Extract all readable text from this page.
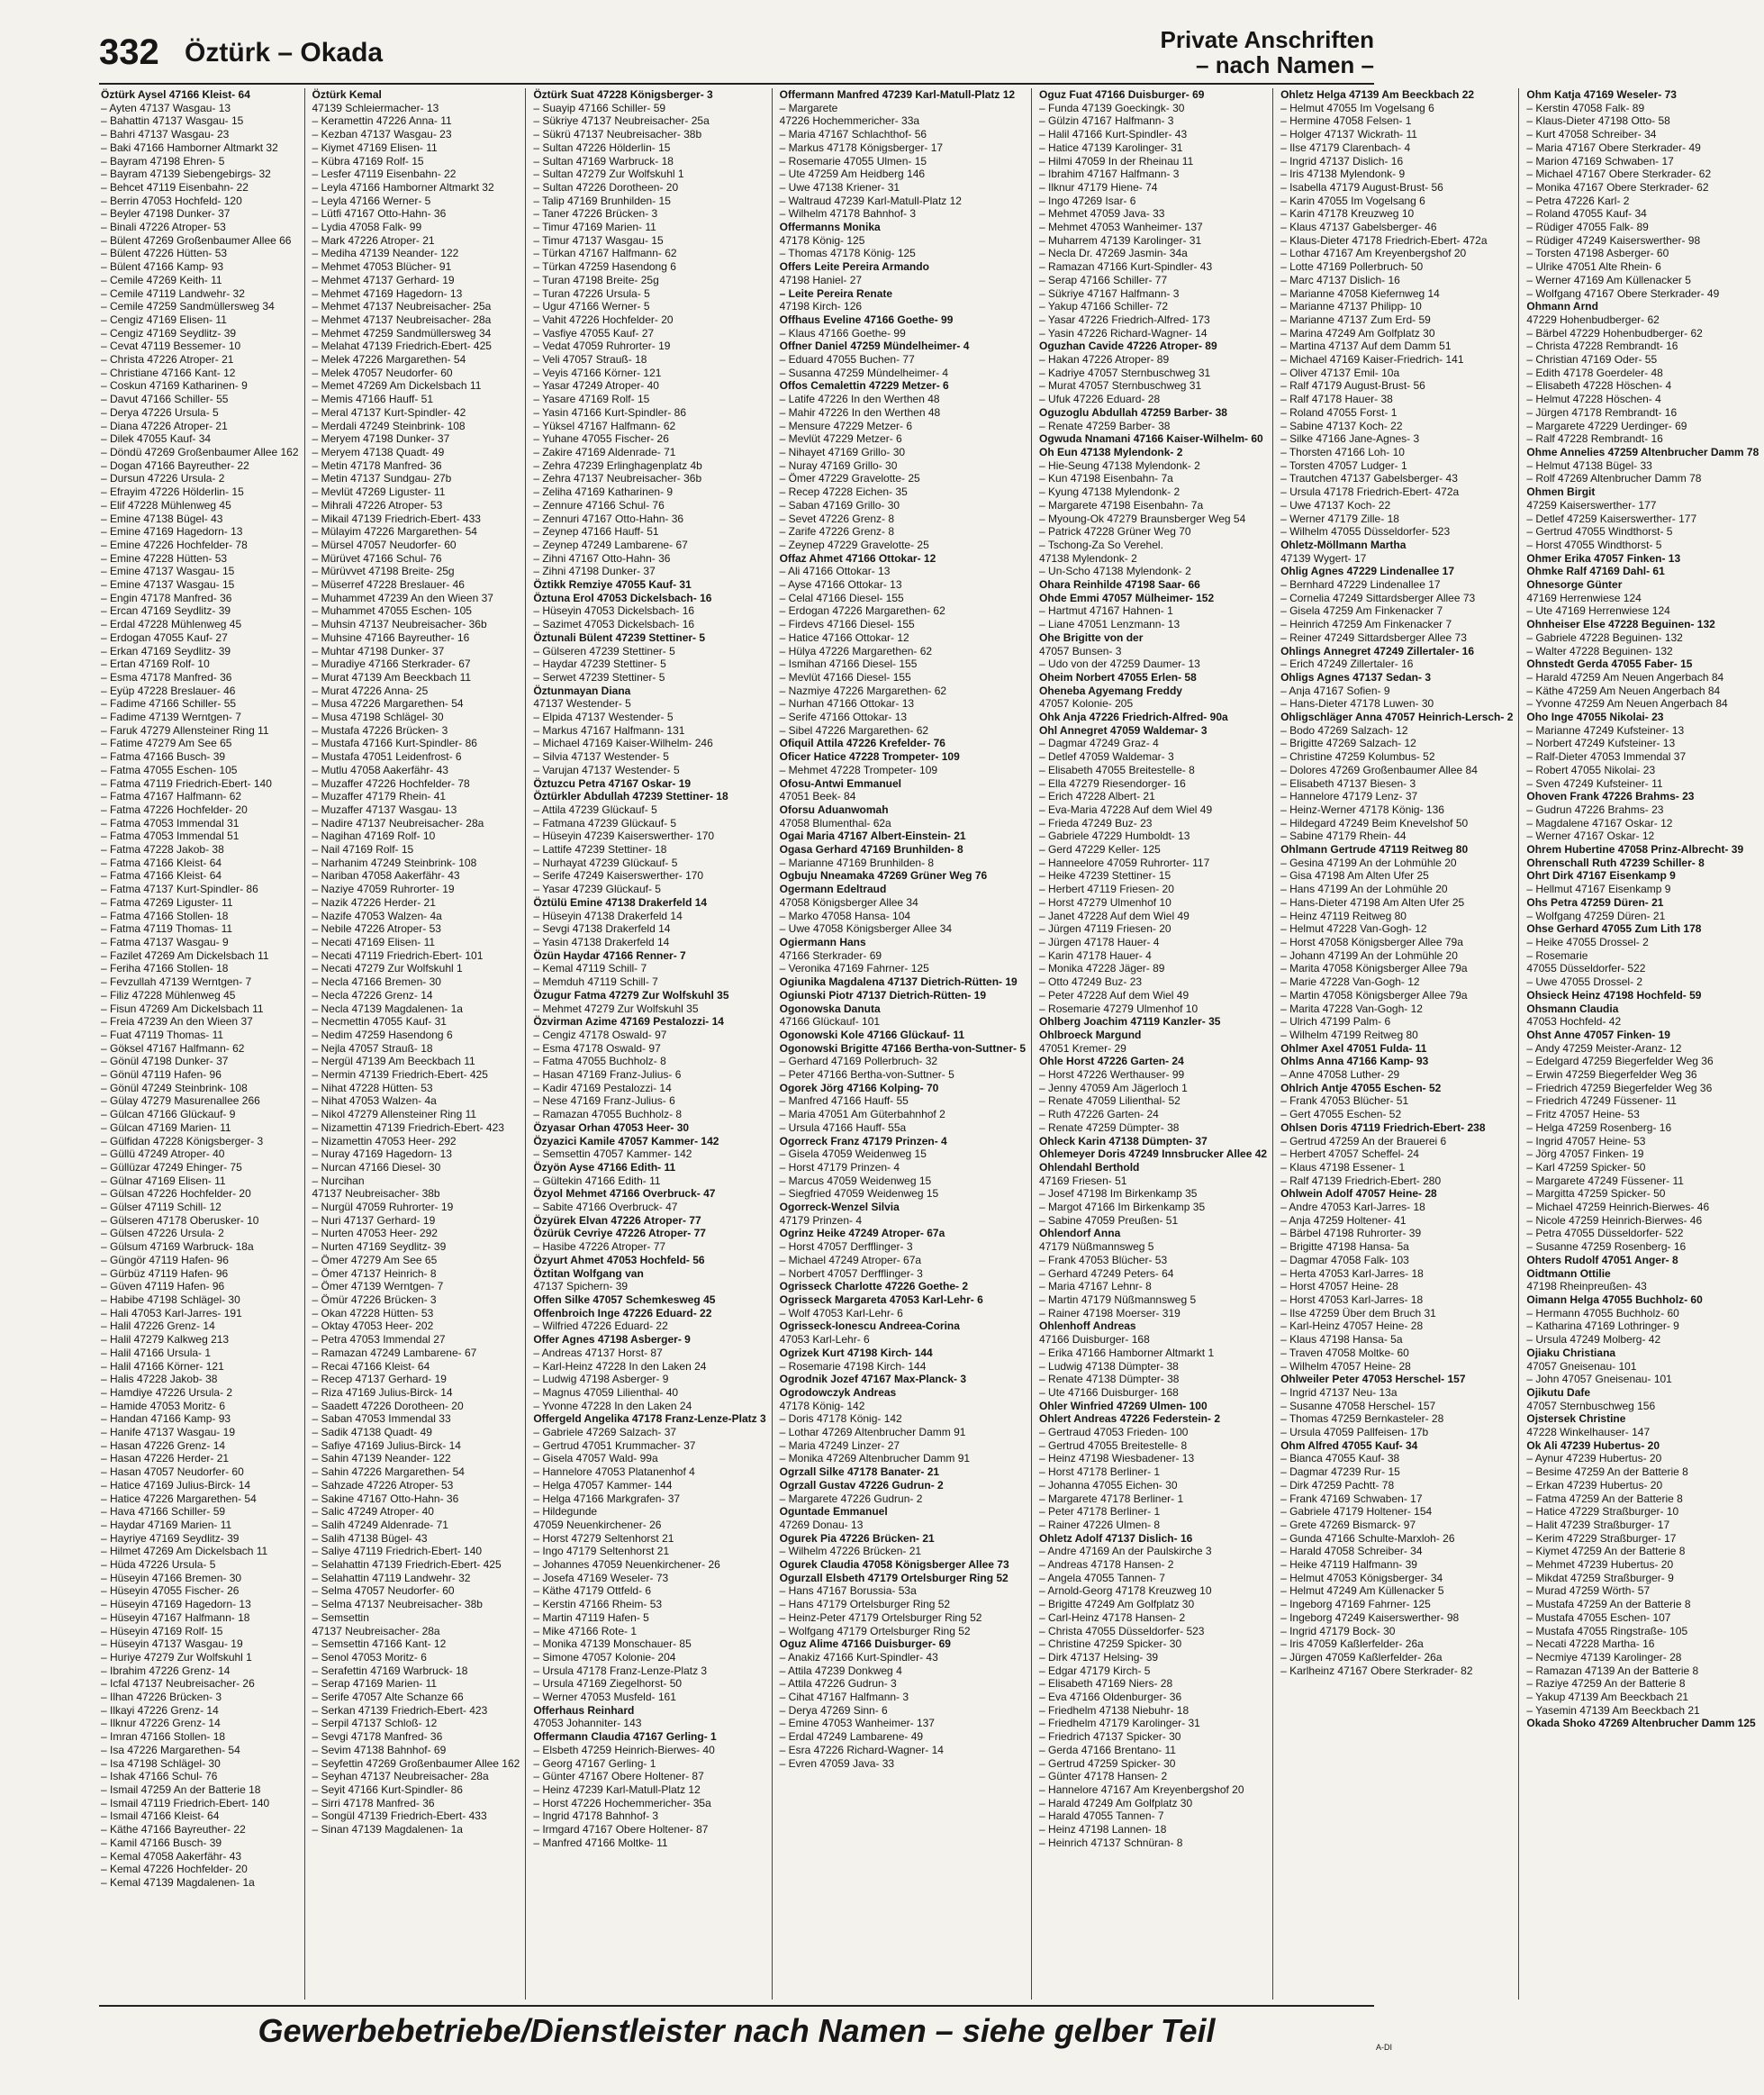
332 Öztürk – Okada	Private Anschriften
– nach Namen –
Öztürk Aysel 47166 Kleist- 64
– Ayten 47137 Wasgau- 13
– Bahattin 47137 Wasgau- 15
– Bahri 47137 Wasgau- 23
– Baki 47166 Hamborner Altmarkt 32
– Bayram 47198 Ehren- 5
– Bayram 47139 Siebengebirgs- 32
– Behcet 47119 Eisenbahn- 22
– Berrin 47053 Hochfeld- 120
– Beyler 47198 Dunker- 37
– Binali 47226 Atroper- 53
– Bülent 47269 Großenbaumer Allee 66
– Bülent 47226 Hütten- 53
– Bülent 47166 Kamp- 93
– Cemile 47269 Keith- 11
– Cemile 47119 Landwehr- 32
– Cemile 47259 Sandmüllersweg 34
– Cengiz 47169 Elisen- 11
– Cengiz 47169 Seydlitz- 39
– Cevat 47119 Bessemer- 10
– Christa 47226 Atroper- 21
– Christiane 47166 Kant- 12
– Coskun 47169 Katharinen- 9
– Davut 47166 Schiller- 55
– Derya 47226 Ursula- 5
– Diana 47226 Atroper- 21
– Dilek 47055 Kauf- 34
– Döndü 47269 Großenbaumer Allee 162
– Dogan 47166 Bayreuther- 22
– Dursun 47226 Ursula- 2
– Efrayim 47226 Hölderlin- 15
– Elif 47228 Mühlenweg 45
– Emine 47138 Bügel- 43
– Emine 47169 Hagedorn- 13
– Emine 47226 Hochfelder- 78
– Emine 47228 Hütten- 53
– Emine 47137 Wasgau- 15
– Emine 47137 Wasgau- 15
– Engin 47178 Manfred- 36
– Ercan 47169 Seydlitz- 39
– Erdal 47228 Mühlenweg 45
– Erdogan 47055 Kauf- 27
– Erkan 47169 Seydlitz- 39
– Ertan 47169 Rolf- 10
– Esma 47178 Manfred- 36
– Eyüp 47228 Breslauer- 46
– Fadime 47166 Schiller- 55
– Fadime 47139 Werntgen- 7
– Faruk 47279 Allensteiner Ring 11
– Fatime 47279 Am See 65
– Fatma 47166 Busch- 39
– Fatma 47055 Eschen- 105
– Fatma 47119 Friedrich-Ebert- 140
– Fatma 47167 Halfmann- 62
– Fatma 47226 Hochfelder- 20
– Fatma 47053 Immendal 31
– Fatma 47053 Immendal 51
– Fatma 47228 Jakob- 38
– Fatma 47166 Kleist- 64
– Fatma 47166 Kleist- 64
– Fatma 47137 Kurt-Spindler- 86
– Fatma 47269 Liguster- 11
– Fatma 47166 Stollen- 18
– Fatma 47119 Thomas- 11
– Fatma 47137 Wasgau- 9
– Fazilet 47269 Am Dickelsbach 11
– Feriha 47166 Stollen- 18
– Fevzullah 47139 Werntgen- 7
– Filiz 47228 Mühlenweg 45
– Fisun 47269 Am Dickelsbach 11
– Freia 47239 An den Wieen 37
– Fuat 47119 Thomas- 11
– Göksel 47167 Halfmann- 62
– Gönül 47198 Dunker- 37
– Gönül 47119 Hafen- 96
– Gönül 47249 Steinbrink- 108
– Gülay 47279 Masurenallee 266
– Gülcan 47166 Glückauf- 9
– Gülcan 47169 Marien- 11
– Gülfidan 47228 Königsberger- 3
– Güllü 47249 Atroper- 40
– Güllüzar 47249 Ehinger- 75
– Gülnar 47169 Elisen- 11
– Gülsan 47226 Hochfelder- 20
– Gülser 47119 Schill- 12
– Gülseren 47178 Oberusker- 10
– Gülsen 47226 Ursula- 2
– Gülsum 47169 Warbruck- 18a
– Güngör 47119 Hafen- 96
– Gürbüz 47119 Hafen- 96
– Güven 47119 Hafen- 96
– Habibe 47198 Schlägel- 30
– Hali 47053 Karl-Jarres- 191
– Halil 47226 Grenz- 14
– Halil 47279 Kalkweg 213
– Halil 47166 Ursula- 1
– Halil 47166 Körner- 121
– Halis 47228 Jakob- 38
– Hamdiye 47226 Ursula- 2
– Hamide 47053 Moritz- 6
– Handan 47166 Kamp- 93
– Hanife 47137 Wasgau- 19
– Hasan 47226 Grenz- 14
– Hasan 47226 Herder- 21
– Hasan 47057 Neudorfer- 60
– Hatice 47169 Julius-Birck- 14
– Hatice 47226 Margarethen- 54
– Hava 47166 Schiller- 59
– Haydar 47169 Marien- 11
– Hayriye 47169 Seydlitz- 39
– Hilmet 47269 Am Dickelsbach 11
– Hüda 47226 Ursula- 5
– Hüseyin 47166 Bremen- 30
– Hüseyin 47055 Fischer- 26
– Hüseyin 47169 Hagedorn- 13
– Hüseyin 47167 Halfmann- 18
– Hüseyin 47169 Rolf- 15
– Hüseyin 47137 Wasgau- 19
– Huriye 47279 Zur Wolfskuhl 1
– Ibrahim 47226 Grenz- 14
– Icfal 47137 Neubreisacher- 26
– Ilhan 47226 Brücken- 3
– Ilkayi 47226 Grenz- 14
– Ilknur 47226 Grenz- 14
– Imran 47166 Stollen- 18
– Isa 47226 Margarethen- 54
– Isa 47198 Schlägel- 30
– Ishak 47166 Schul- 76
– Ismail 47259 An der Batterie 18
– Ismail 47119 Friedrich-Ebert- 140
– Ismail 47166 Kleist- 64
– Käthe 47166 Bayreuther- 22
– Kamil 47166 Busch- 39
– Kemal 47058 Aakerfähr- 43
– Kemal 47226 Hochfelder- 20
– Kemal 47139 Magdalenen- 1a
Öztürk Kemal
47139 Schleiermacher- 13
– Keramettin 47226 Anna- 11
– Kezban 47137 Wasgau- 23
– Kiymet 47169 Elisen- 11
– Kübra 47169 Rolf- 15
– Lesfer 47119 Eisenbahn- 22
– Leyla 47166 Hamborner Altmarkt 32
– Leyla 47166 Werner- 5
– Lütfi 47167 Otto-Hahn- 36
– Lydia 47058 Falk- 99
– Mark 47226 Atroper- 21
– Mediha 47139 Neander- 122
– Mehmet 47053 Blücher- 91
– Mehmet 47137 Gerhard- 19
– Mehmet 47169 Hagedorn- 13
– Mehmet 47137 Neubreisacher- 25a
– Mehmet 47137 Neubreisacher- 28a
– Mehmet 47259 Sandmüllersweg 34
– Melahat 47139 Friedrich-Ebert- 425
– Melek 47226 Margarethen- 54
– Melek 47057 Neudorfer- 60
– Memet 47269 Am Dickelsbach 11
– Memis 47166 Hauff- 51
– Meral 47137 Kurt-Spindler- 42
– Merdali 47249 Steinbrink- 108
– Meryem 47198 Dunker- 37
– Meryem 47138 Quadt- 49
– Metin 47178 Manfred- 36
– Metin 47137 Sundgau- 27b
– Mevlüt 47269 Liguster- 11
– Mihrali 47226 Atroper- 53
– Mikail 47139 Friedrich-Ebert- 433
– Mülayim 47226 Margarethen- 54
– Mürsel 47057 Neudorfer- 60
– Mürüvet 47166 Schul- 76
– Mürüvvet 47198 Breite- 25g
– Müserref 47228 Breslauer- 46
– Muhammet 47239 An den Wieen 37
– Muhammet 47055 Eschen- 105
– Muhsin 47137 Neubreisacher- 36b
– Muhsine 47166 Bayreuther- 16
– Muhtar 47198 Dunker- 37
– Muradiye 47166 Sterkrader- 67
– Murat 47139 Am Beeckbach 11
– Murat 47226 Anna- 25
– Musa 47226 Margarethen- 54
– Musa 47198 Schlägel- 30
– Mustafa 47226 Brücken- 3
– Mustafa 47166 Kurt-Spindler- 86
– Mustafa 47051 Leidenfrost- 6
– Mutlu 47058 Aakerfähr- 43
– Muzaffer 47226 Hochfelder- 78
– Muzaffer 47179 Rhein- 41
– Muzaffer 47137 Wasgau- 13
– Nadire 47137 Neubreisacher- 28a
– Nagihan 47169 Rolf- 10
– Nail 47169 Rolf- 15
– Narhanim 47249 Steinbrink- 108
– Nariban 47058 Aakerfähr- 43
– Naziye 47059 Ruhrorter- 19
– Nazik 47226 Herder- 21
– Nazife 47053 Walzen- 4a
– Nebile 47226 Atroper- 53
– Necati 47169 Elisen- 11
– Necati 47119 Friedrich-Ebert- 101
– Necati 47279 Zur Wolfskuhl 1
– Necla 47166 Bremen- 30
– Necla 47226 Grenz- 14
– Necla 47139 Magdalenen- 1a
– Necmettin 47055 Kauf- 31
– Nedim 47259 Hasendong 6
– Nejla 47057 Strauß- 18
– Nergül 47139 Am Beeckbach 11
– Nermin 47139 Friedrich-Ebert- 425
– Nihat 47228 Hütten- 53
– Nihat 47053 Walzen- 4a
– Nikol 47279 Allensteiner Ring 11
– Nizamettin 47139 Friedrich-Ebert- 423
– Nizamettin 47053 Heer- 292
– Nuray 47169 Hagedorn- 13
– Nurcan 47166 Diesel- 30
– Nurcihan
47137 Neubreisacher- 38b
– Nurgül 47059 Ruhrorter- 19
– Nuri 47137 Gerhard- 19
– Nurten 47053 Heer- 292
– Nurten 47169 Seydlitz- 39
– Ömer 47279 Am See 65
– Ömer 47137 Heinrich- 8
– Ömer 47139 Werntgen- 7
– Ömür 47226 Brücken- 3
– Okan 47228 Hütten- 53
– Oktay 47053 Heer- 202
– Petra 47053 Immendal 27
– Ramazan 47249 Lambarene- 67
– Recai 47166 Kleist- 64
– Recep 47137 Gerhard- 19
– Riza 47169 Julius-Birck- 14
– Saadett 47226 Dorotheen- 20
– Saban 47053 Immendal 33
– Sadik 47138 Quadt- 49
– Safiye 47169 Julius-Birck- 14
– Sahin 47139 Neander- 122
– Sahin 47226 Margarethen- 54
– Sahzade 47226 Atroper- 53
– Sakine 47167 Otto-Hahn- 36
– Salic 47249 Atroper- 40
– Salih 47249 Aldenrade- 71
– Salih 47138 Bügel- 43
– Saliye 47119 Friedrich-Ebert- 140
– Selahattin 47139 Friedrich-Ebert- 425
– Selahattin 47119 Landwehr- 32
– Selma 47057 Neudorfer- 60
– Selma 47137 Neubreisacher- 38b
– Semsettin
47137 Neubreisacher- 28a
– Semsettin 47166 Kant- 12
– Senol 47053 Moritz- 6
– Serafettin 47169 Warbruck- 18
– Serap 47169 Marien- 11
– Serife 47057 Alte Schanze 66
– Serkan 47139 Friedrich-Ebert- 423
– Serpil 47137 Schloß- 12
– Sevgi 47178 Manfred- 36
– Sevim 47138 Bahnhof- 69
– Seyfettin 47269 Großenbaumer Allee 162
– Seyhan 47137 Neubreisacher- 28a
– Seyit 47166 Kurt-Spindler- 86
– Sirri 47178 Manfred- 36
– Songül 47139 Friedrich-Ebert- 433
– Sinan 47139 Magdalenen- 1a
Öztürk Suat 47228 Königsberger- 3
– Suayip 47166 Schiller- 59
– Sükriye 47137 Neubreisacher- 25a
– Sükrü 47137 Neubreisacher- 38b
– Sultan 47226 Hölderlin- 15
– Sultan 47169 Warbruck- 18
– Sultan 47279 Zur Wolfskuhl 1
– Sultan 47226 Dorotheen- 20
– Talip 47169 Brunhilden- 15
– Taner 47226 Brücken- 3
– Timur 47169 Marien- 11
– Timur 47137 Wasgau- 15
– Türkan 47167 Halfmann- 62
– Türkan 47259 Hasendong 6
– Turan 47198 Breite- 25g
– Turan 47226 Ursula- 5
– Ugur 47166 Werner- 5
– Vahit 47226 Hochfelder- 20
– Vasfiye 47055 Kauf- 27
– Vedat 47059 Ruhrorter- 19
– Veli 47057 Strauß- 18
– Veyis 47166 Körner- 121
– Yasar 47249 Atroper- 40
– Yasare 47169 Rolf- 15
– Yasin 47166 Kurt-Spindler- 86
– Yüksel 47167 Halfmann- 62
– Yuhane 47055 Fischer- 26
– Zakire 47169 Aldenrade- 71
– Zehra 47239 Erlinghagenplatz 4b
– Zehra 47137 Neubreisacher- 36b
– Zeliha 47169 Katharinen- 9
– Zennure 47166 Schul- 76
– Zennuri 47167 Otto-Hahn- 36
– Zeynep 47166 Hauff- 51
– Zeynep 47249 Lambarene- 67
– Zihni 47167 Otto-Hahn- 36
– Zihni 47198 Dunker- 37
Öztikk Remziye 47055 Kauf- 31
Öztuna Erol 47053 Dickelsbach- 16
– Hüseyin 47053 Dickelsbach- 16
– Sazimet 47053 Dickelsbach- 16
Öztunali Bülent 47239 Stettiner- 5
– Gülseren 47239 Stettiner- 5
– Haydar 47239 Stettiner- 5
– Serwet 47239 Stettiner- 5
Öztunmayan Diana
47137 Westender- 5
– Elpida 47137 Westender- 5
– Markus 47167 Halfmann- 131
– Michael 47169 Kaiser-Wilhelm- 246
– Silvia 47137 Westender- 5
– Varujan 47137 Westender- 5
Öztuzcu Petra 47167 Oskar- 19
Öztürkler Abdullah 47239 Stettiner- 18
– Attila 47239 Glückauf- 5
– Fatmana 47239 Glückauf- 5
– Hüseyin 47239 Kaiserswerther- 170
– Lattife 47239 Stettiner- 18
– Nurhayat 47239 Glückauf- 5
– Serife 47249 Kaiserswerther- 170
– Yasar 47239 Glückauf- 5
Öztülü Emine 47138 Drakerfeld 14
– Hüseyin 47138 Drakerfeld 14
– Sevgi 47138 Drakerfeld 14
– Yasin 47138 Drakerfeld 14
Özün Haydar 47166 Renner- 7
– Kemal 47119 Schill- 7
– Memduh 47119 Schill- 7
Özugur Fatma 47279 Zur Wolfskuhl 35
– Mehmet 47279 Zur Wolfskuhl 35
Özvirman Azime 47169 Pestalozzi- 14
– Cengiz 47178 Oswald- 97
– Esma 47178 Oswald- 97
– Fatma 47055 Buchholz- 8
– Hasan 47169 Franz-Julius- 6
– Kadir 47169 Pestalozzi- 14
– Nese 47169 Franz-Julius- 6
– Ramazan 47055 Buchholz- 8
Özyasar Orhan 47053 Heer- 30
Özyazici Kamile 47057 Kammer- 142
– Semsettin 47057 Kammer- 142
Özyön Ayse 47166 Edith- 11
– Gültekin 47166 Edith- 11
Özyol Mehmet 47166 Overbruck- 47
– Sabite 47166 Overbruck- 47
Özyürek Elvan 47226 Atroper- 77
Özürük Cevriye 47226 Atroper- 77
– Hasibe 47226 Atroper- 77
Özyurt Ahmet 47053 Hochfeld- 56
Öztitan Wolfgang van
47137 Spichern- 39
Offen Silke 47057 Schemkesweg 45
Offenbroich Inge 47226 Eduard- 22
– Wilfried 47226 Eduard- 22
Offer Agnes 47198 Asberger- 9
– Andreas 47137 Horst- 87
– Karl-Heinz 47228 In den Laken 24
– Ludwig 47198 Asberger- 9
– Magnus 47059 Lilienthal- 40
– Yvonne 47228 In den Laken 24
Offergeld Angelika 47178 Franz-Lenze-Platz 3
– Gabriele 47269 Salzach- 37
– Gertrud 47051 Krummacher- 37
– Gisela 47057 Wald- 99a
– Hannelore 47053 Platanenhof 4
– Helga 47057 Kammer- 144
– Helga 47166 Markgrafen- 37
– Hildegunde
47059 Neuenkirchener- 26
– Horst 47279 Seltenhorst 21
– Ingo 47179 Seltenhorst 21
– Johannes 47059 Neuenkirchener- 26
– Josefa 47169 Weseler- 73
– Käthe 47179 Ottfeld- 6
– Kerstin 47166 Rheim- 53
– Martin 47119 Hafen- 5
– Mike 47166 Rote- 1
– Monika 47139 Monschauer- 85
– Simone 47057 Kolonie- 204
– Ursula 47178 Franz-Lenze-Platz 3
– Ursula 47169 Ziegelhorst- 50
– Werner 47053 Musfeld- 161
Offerhaus Reinhard
47053 Johanniter- 143
Offermann Claudia 47167 Gerling- 1
– Elsbeth 47259 Heinrich-Bierwes- 40
– Georg 47167 Gerling- 1
– Günter 47167 Obere Holtener- 87
– Heinz 47239 Karl-Matull-Platz 12
– Horst 47226 Hochemmericher- 35a
– Ingrid 47178 Bahnhof- 3
– Irmgard 47167 Obere Holtener- 87
– Manfred 47166 Moltke- 11
Offermann Manfred 47239 Karl-Matull-Platz 12
– Margarete
47226 Hochemmericher- 33a
– Maria 47167 Schlachthof- 56
– Markus 47178 Königsberger- 17
– Rosemarie 47055 Ulmen- 15
– Ute 47259 Am Heidberg 146
– Uwe 47138 Kriener- 31
– Waltraud 47239 Karl-Matull-Platz 12
– Wilhelm 47178 Bahnhof- 3
Offermanns Monika
47178 König- 125
– Thomas 47178 König- 125
Offers Leite Pereira Armando
47198 Haniel- 27
– Leite Pereira Renate
47198 Kirch- 126
Offhaus Eveline 47166 Goethe- 99
– Klaus 47166 Goethe- 99
Offner Daniel 47259 Mündelheimer- 4
– Eduard 47055 Buchen- 77
– Susanna 47259 Mündelheimer- 4
Offos Cemalettin 47229 Metzer- 6
– Latife 47226 In den Werthen 48
– Mahir 47226 In den Werthen 48
– Mensure 47229 Metzer- 6
– Mevlüt 47229 Metzer- 6
– Nihayet 47169 Grillo- 30
– Nuray 47169 Grillo- 30
– Ömer 47229 Gravelotte- 25
– Recep 47228 Eichen- 35
– Saban 47169 Grillo- 30
– Sevet 47226 Grenz- 8
– Zarife 47226 Grenz- 8
– Zeynep 47229 Gravelotte- 25
Offaz Ahmet 47166 Ottokar- 12
– Ali 47166 Ottokar- 13
– Ayse 47166 Ottokar- 13
– Celal 47166 Diesel- 155
– Erdogan 47226 Margarethen- 62
– Firdevs 47166 Diesel- 155
– Hatice 47166 Ottokar- 12
– Hülya 47226 Margarethen- 62
– Ismihan 47166 Diesel- 155
– Mevlüt 47166 Diesel- 155
– Nazmiye 47226 Margarethen- 62
– Nurhan 47166 Ottokar- 13
– Serife 47166 Ottokar- 13
– Sibel 47226 Margarethen- 62
Ofiquil Attila 47226 Krefelder- 76
Oficer Hatice 47228 Trompeter- 109
– Mehmet 47228 Trompeter- 109
Ofosu-Antwi Emmanuel
47051 Beek- 84
Oforsu Aduanwomah
47058 Blumenthal- 62a
Ogai Maria 47167 Albert-Einstein- 21
Ogasa Gerhard 47169 Brunhilden- 8
– Marianne 47169 Brunhilden- 8
Ogbuju Nneamaka 47269 Grüner Weg 76
Ogermann Edeltraud
47058 Königsberger Allee 34
– Marko 47058 Hansa- 104
– Uwe 47058 Königsberger Allee 34
Ogiermann Hans
47166 Sterkrader- 69
– Veronika 47169 Fahrner- 125
Ogiunika Magdalena 47137 Dietrich-Rütten- 19
Ogiunski Piotr 47137 Dietrich-Rütten- 19
Ogonowska Danuta
47166 Glückauf- 101
Ogonowski Kole 47166 Glückauf- 11
Ogonowski Brigitte 47166 Bertha-von-Suttner- 5
– Gerhard 47169 Pollerbruch- 32
– Peter 47166 Bertha-von-Suttner- 5
Ogorek Jörg 47166 Kolping- 70
– Manfred 47166 Hauff- 55
– Maria 47051 Am Güterbahnhof 2
– Ursula 47166 Hauff- 55a
Ogorreck Franz 47179 Prinzen- 4
– Gisela 47059 Weidenweg 15
– Horst 47179 Prinzen- 4
– Marcus 47059 Weidenweg 15
– Siegfried 47059 Weidenweg 15
Ogorreck-Wenzel Silvia
47179 Prinzen- 4
Ogrinz Heike 47249 Atroper- 67a
– Horst 47057 Derfflinger- 3
– Michael 47249 Atroper- 67a
– Norbert 47057 Derfflinger- 3
Ogrisseck Charlotte 47226 Goethe- 2
Ogrisseck Margareta 47053 Karl-Lehr- 6
– Wolf 47053 Karl-Lehr- 6
Ogrisseck-Ionescu Andreea-Corina
47053 Karl-Lehr- 6
Ogrizek Kurt 47198 Kirch- 144
– Rosemarie 47198 Kirch- 144
Ogrodnik Jozef 47167 Max-Planck- 3
Ogrodowczyk Andreas
47178 König- 142
– Doris 47178 König- 142
– Lothar 47269 Altenbrucher Damm 91
– Maria 47249 Linzer- 27
– Monika 47269 Altenbrucher Damm 91
Ogrzall Silke 47178 Banater- 21
Ogrzall Gustav 47226 Gudrun- 2
– Margarete 47226 Gudrun- 2
Oguntade Emmanuel
47269 Donau- 13
Ogurek Pia 47226 Brücken- 21
– Wilhelm 47226 Brücken- 21
Ogurek Claudia 47058 Königsberger Allee 73
Ogurzall Elsbeth 47179 Ortelsburger Ring 52
– Hans 47167 Borussia- 53a
– Hans 47179 Ortelsburger Ring 52
– Heinz-Peter 47179 Ortelsburger Ring 52
– Wolfgang 47179 Ortelsburger Ring 52
Oguz Alime 47166 Duisburger- 69
– Anakiz 47166 Kurt-Spindler- 43
– Attila 47239 Donkweg 4
– Attila 47226 Gudrun- 3
– Cihat 47167 Halfmann- 3
– Derya 47269 Sinn- 6
– Emine 47053 Wanheimer- 137
– Erdal 47249 Lambarene- 49
– Esra 47226 Richard-Wagner- 14
– Evren 47059 Java- 33
Oguz Fuat 47166 Duisburger- 69
– Funda 47139 Goeckingk- 30
– Gülzin 47167 Halfmann- 3
– Halil 47166 Kurt-Spindler- 43
– Hatice 47139 Karolinger- 31
– Hilmi 47059 In der Rheinau 11
– Ibrahim 47167 Halfmann- 3
– Ilknur 47179 Hiene- 74
– Ingo 47269 Isar- 6
– Mehmet 47059 Java- 33
– Mehmet 47053 Wanheimer- 137
– Muharrem 47139 Karolinger- 31
– Necla Dr. 47269 Jasmin- 34a
– Ramazan 47166 Kurt-Spindler- 43
– Serap 47166 Schiller- 77
– Sükriye 47167 Halfmann- 3
– Yakup 47166 Schiller- 72
– Yasar 47226 Friedrich-Alfred- 173
– Yasin 47226 Richard-Wagner- 14
Oguzhan Cavide 47226 Atroper- 89
– Hakan 47226 Atroper- 89
– Kadriye 47057 Sternbuschweg 31
– Murat 47057 Sternbuschweg 31
– Ufuk 47226 Eduard- 28
Oguzoglu Abdullah 47259 Barber- 38
– Renate 47259 Barber- 38
Ogwuda Nnamani 47166 Kaiser-Wilhelm- 60
Oh Eun 47138 Mylendonk- 2
– Hie-Seung 47138 Mylendonk- 2
– Kun 47198 Eisenbahn- 7a
– Kyung 47138 Mylendonk- 2
– Margarete 47198 Eisenbahn- 7a
– Myoung-Ok 47279 Braunsberger Weg 54
– Patrick 47228 Grüner Weg 70
– Tschong-Za So Verehel.
47138 Mylendonk- 2
– Un-Scho 47138 Mylendonk- 2
Ohara Reinhilde 47198 Saar- 66
Ohde Emmi 47057 Mülheimer- 152
– Hartmut 47167 Hahnen- 1
– Liane 47051 Lenzmann- 13
Ohe Brigitte von der
47057 Bunsen- 3
– Udo von der 47259 Daumer- 13
Oheim Norbert 47055 Erlen- 58
Oheneba Agyemang Freddy
47057 Kolonie- 205
Ohk Anja 47226 Friedrich-Alfred- 90a
Ohl Annegret 47059 Waldemar- 3
– Dagmar 47249 Graz- 4
– Detlef 47059 Waldemar- 3
– Elisabeth 47055 Breitestelle- 8
– Ella 47279 Riesendorger- 16
– Erich 47228 Albert- 21
– Eva-Maria 47228 Auf dem Wiel 49
– Frieda 47249 Buz- 23
– Gabriele 47229 Humboldt- 13
– Gerd 47229 Keller- 125
– Hanneelore 47059 Ruhrorter- 117
– Heike 47239 Stettiner- 15
– Herbert 47119 Friesen- 20
– Horst 47279 Ulmenhof 10
– Janet 47228 Auf dem Wiel 49
– Jürgen 47119 Friesen- 20
– Jürgen 47178 Hauer- 4
– Karin 47178 Hauer- 4
– Monika 47228 Jäger- 89
– Otto 47249 Buz- 23
– Peter 47228 Auf dem Wiel 49
– Rosemarie 47279 Ulmenhof 10
Ohlberg Joachim 47119 Kanzler- 35
Ohlbroeck Margund
47051 Kremer- 29
Ohle Horst 47226 Garten- 24
– Horst 47226 Werthauser- 99
– Jenny 47059 Am Jägerloch 1
– Renate 47059 Lilienthal- 52
– Ruth 47226 Garten- 24
– Renate 47259 Dümpter- 38
Ohleck Karin 47138 Dümpten- 37
Ohlemeyer Doris 47249 Innsbrucker Allee 42
Ohlendahl Berthold
47169 Friesen- 51
– Josef 47198 Im Birkenkamp 35
– Margot 47166 Im Birkenkamp 35
– Sabine 47059 Preußen- 51
Ohlendorf Anna
47179 Nüßmannsweg 5
– Frank 47053 Blücher- 53
– Gerhard 47249 Peters- 64
– Maria 47167 Lehnr- 8
– Martin 47179 Nüßmannsweg 5
– Rainer 47198 Moerser- 319
Ohlenhoff Andreas
47166 Duisburger- 168
– Erika 47166 Hamborner Altmarkt 1
– Ludwig 47138 Dümpter- 38
– Renate 47138 Dümpter- 38
– Ute 47166 Duisburger- 168
Ohler Winfried 47269 Ulmen- 100
Ohlert Andreas 47226 Federstein- 2
– Gertraud 47053 Frieden- 100
– Gertrud 47055 Breitestelle- 8
– Heinz 47198 Wiesbadener- 13
– Horst 47178 Berliner- 1
– Johanna 47055 Eichen- 30
– Margarete 47178 Berliner- 1
– Peter 47178 Berliner- 1
– Rainer 47226 Ulmen- 8
Ohletz Adolf 47137 Dislich- 16
– Andre 47169 An der Paulskirche 3
– Andreas 47178 Hansen- 2
– Angela 47055 Tannen- 7
– Arnold-Georg 47178 Kreuzweg 10
– Brigitte 47249 Am Golfplatz 30
– Carl-Heinz 47178 Hansen- 2
– Christa 47055 Düsseldorfer- 523
– Christine 47259 Spicker- 30
– Dirk 47137 Helsing- 39
– Edgar 47179 Kirch- 5
– Elisabeth 47169 Niers- 28
– Eva 47166 Oldenburger- 36
– Friedhelm 47138 Niebuhr- 18
– Friedhelm 47179 Karolinger- 31
– Friedrich 47137 Spicker- 30
– Gerda 47166 Brentano- 11
– Gertrud 47259 Spicker- 30
– Günter 47178 Hansen- 2
– Hannelore 47167 Am Kreyenbergshof 20
– Harald 47249 Am Golfplatz 30
– Harald 47055 Tannen- 7
– Heinz 47198 Lannen- 18
– Heinrich 47137 Schnüran- 8
Ohletz Helga 47139 Am Beeckbach 22
– Helmut 47055 Im Vogelsang 6
– Hermine 47058 Felsen- 1
– Holger 47137 Wickrath- 11
– Ilse 47179 Clarenbach- 4
– Ingrid 47137 Dislich- 16
– Iris 47138 Mylendonk- 9
– Isabella 47179 August-Brust- 56
– Karin 47055 Im Vogelsang 6
– Karin 47178 Kreuzweg 10
– Klaus 47137 Gabelsberger- 46
– Klaus-Dieter 47178 Friedrich-Ebert- 472a
– Lothar 47167 Am Kreyenbergshof 20
– Lotte 47169 Pollerbruch- 50
– Marc 47137 Dislich- 16
– Marianne 47058 Kiefernweg 14
– Marianne 47137 Philipp- 10
– Marianne 47137 Zum Erd- 59
– Marina 47249 Am Golfplatz 30
– Martina 47137 Auf dem Damm 51
– Michael 47169 Kaiser-Friedrich- 141
– Oliver 47137 Emil- 10a
– Ralf 47179 August-Brust- 56
– Ralf 47178 Hauer- 38
– Roland 47055 Forst- 1
– Sabine 47137 Koch- 22
– Silke 47166 Jane-Agnes- 3
– Thorsten 47166 Loh- 10
– Torsten 47057 Ludger- 1
– Trautchen 47137 Gabelsberger- 43
– Ursula 47178 Friedrich-Ebert- 472a
– Uwe 47137 Koch- 22
– Werner 47179 Zille- 18
– Wilhelm 47055 Düsseldorfer- 523
Ohletz-Möllmann Martha
47139 Wygert- 17
Ohlig Agnes 47229 Lindenallee 17
– Bernhard 47229 Lindenallee 17
– Cornelia 47249 Sittardsberger Allee 73
– Gisela 47259 Am Finkenacker 7
– Heinrich 47259 Am Finkenacker 7
– Reiner 47249 Sittardsberger Allee 73
Ohlings Annegret 47249 Zillertaler- 16
– Erich 47249 Zillertaler- 16
Ohligs Agnes 47137 Sedan- 3
– Anja 47167 Sofien- 9
– Hans-Dieter 47178 Luwen- 30
Ohligschläger Anna 47057 Heinrich-Lersch- 2
– Bodo 47269 Salzach- 12
– Brigitte 47269 Salzach- 12
– Christine 47259 Kolumbus- 52
– Dolores 47269 Großenbaumer Allee 84
– Elisabeth 47137 Biesen- 3
– Hannelore 47179 Lenz- 37
– Heinz-Werner 47178 König- 136
– Hildegard 47249 Beim Knevelshof 50
– Sabine 47179 Rhein- 44
Ohlmann Gertrude 47119 Reitweg 80
– Gesina 47199 An der Lohmühle 20
– Gisa 47198 Am Alten Ufer 25
– Hans 47199 An der Lohmühle 20
– Hans-Dieter 47198 Am Alten Ufer 25
– Heinz 47119 Reitweg 80
– Helmut 47228 Van-Gogh- 12
– Horst 47058 Königsberger Allee 79a
– Johann 47199 An der Lohmühle 20
– Marita 47058 Königsberger Allee 79a
– Marie 47228 Van-Gogh- 12
– Martin 47058 Königsberger Allee 79a
– Marita 47228 Van-Gogh- 12
– Ulrich 47199 Palm- 6
– Wilhelm 47199 Reitweg 80
Ohlmer Axel 47051 Fulda- 11
Ohlms Anna 47166 Kamp- 93
– Anne 47058 Luther- 29
Ohlrich Antje 47055 Eschen- 52
– Frank 47053 Blücher- 51
– Gert 47055 Eschen- 52
Ohlsen Doris 47119 Friedrich-Ebert- 238
– Gertrud 47259 An der Brauerei 6
– Herbert 47057 Scheffel- 24
– Klaus 47198 Essener- 1
– Ralf 47139 Friedrich-Ebert- 280
Ohlwein Adolf 47057 Heine- 28
– Andre 47053 Karl-Jarres- 18
– Anja 47259 Holtener- 41
– Bärbel 47198 Ruhrorter- 39
– Brigitte 47198 Hansa- 5a
– Dagmar 47058 Falk- 103
– Herta 47053 Karl-Jarres- 18
– Horst 47057 Heine- 28
– Horst 47053 Karl-Jarres- 18
– Ilse 47259 Über dem Bruch 31
– Karl-Heinz 47057 Heine- 28
– Klaus 47198 Hansa- 5a
– Traven 47058 Moltke- 60
– Wilhelm 47057 Heine- 28
Ohlweiler Peter 47053 Herschel- 157
– Ingrid 47137 Neu- 13a
– Susanne 47058 Herschel- 157
– Thomas 47259 Bernkasteler- 28
– Ursula 47059 Pallfeisen- 17b
Ohm Alfred 47055 Kauf- 34
– Bianca 47055 Kauf- 38
– Dagmar 47239 Rur- 15
– Dirk 47259 Pachtt- 78
– Frank 47169 Schwaben- 17
– Gabriele 47179 Holtener- 154
– Grete 47269 Bismarck- 97
– Gunda 47166 Schulte-Marxloh- 26
– Harald 47058 Schreiber- 34
– Heike 47119 Halfmann- 39
– Helmut 47053 Königsberger- 34
– Helmut 47249 Am Küllenacker 5
– Ingeborg 47169 Fahrner- 125
– Ingeborg 47249 Kaiserswerther- 98
– Ingrid 47179 Bock- 30
– Iris 47059 Kaßlerfelder- 26a
– Jürgen 47059 Kaßlerfelder- 26a
– Karlheinz 47167 Obere Sterkrader- 82
Ohm Katja 47169 Weseler- 73
– Kerstin 47058 Falk- 89
– Klaus-Dieter 47198 Otto- 58
– Kurt 47058 Schreiber- 34
– Maria 47167 Obere Sterkrader- 49
– Marion 47169 Schwaben- 17
– Michael 47167 Obere Sterkrader- 62
– Monika 47167 Obere Sterkrader- 62
– Petra 47226 Karl- 2
– Roland 47055 Kauf- 34
– Rüdiger 47055 Falk- 89
– Rüdiger 47249 Kaiserswerther- 98
– Torsten 47198 Asberger- 60
– Ulrike 47051 Alte Rhein- 6
– Werner 47169 Am Küllenacker 5
– Wolfgang 47167 Obere Sterkrader- 49
Ohmann Arnd
47229 Hohenbudberger- 62
– Bärbel 47229 Hohenbudberger- 62
– Christa 47228 Rembrandt- 16
– Christian 47169 Oder- 55
– Edith 47178 Goerdeler- 48
– Elisabeth 47228 Höschen- 4
– Helmut 47228 Höschen- 4
– Jürgen 47178 Rembrandt- 16
– Margarete 47229 Uerdinger- 69
– Ralf 47228 Rembrandt- 16
Ohme Annelies 47259 Altenbrucher Damm 78
– Helmut 47138 Bügel- 33
– Rolf 47269 Altenbrucher Damm 78
Ohmen Birgit
47259 Kaiserswerther- 177
– Detlef 47259 Kaiserswerther- 177
– Gertrud 47055 Windthorst- 5
– Horst 47055 Windthorst- 5
Ohmer Erika 47057 Finken- 13
Ohmke Ralf 47169 Dahl- 61
Ohnesorge Günter
47169 Herrenwiese 124
– Ute 47169 Herrenwiese 124
Ohnheiser Else 47228 Beguinen- 132
– Gabriele 47228 Beguinen- 132
– Walter 47228 Beguinen- 132
Ohnstedt Gerda 47055 Faber- 15
– Harald 47259 Am Neuen Angerbach 84
– Käthe 47259 Am Neuen Angerbach 84
– Yvonne 47259 Am Neuen Angerbach 84
Oho Inge 47055 Nikolai- 23
– Marianne 47249 Kufsteiner- 13
– Norbert 47249 Kufsteiner- 13
– Ralf-Dieter 47053 Immendal 37
– Robert 47055 Nikolai- 23
– Sven 47249 Kufsteiner- 11
Ohoven Frank 47226 Brahms- 23
– Gudrun 47226 Brahms- 23
– Magdalene 47167 Oskar- 12
– Werner 47167 Oskar- 12
Ohrem Hubertine 47058 Prinz-Albrecht- 39
Ohrenschall Ruth 47239 Schiller- 8
Ohrt Dirk 47167 Eisenkamp 9
– Hellmut 47167 Eisenkamp 9
Ohs Petra 47259 Düren- 21
– Wolfgang 47259 Düren- 21
Ohse Gerhard 47055 Zum Lith 178
– Heike 47055 Drossel- 2
– Rosemarie
47055 Düsseldorfer- 522
– Uwe 47055 Drossel- 2
Ohsieck Heinz 47198 Hochfeld- 59
Ohsmann Claudia
47053 Hochfeld- 42
Ohst Anne 47057 Finken- 19
– Andy 47259 Meister-Aranz- 12
– Edelgard 47259 Biegerfelder Weg 36
– Erwin 47259 Biegerfelder Weg 36
– Friedrich 47259 Biegerfelder Weg 36
– Friedrich 47249 Füssener- 11
– Fritz 47057 Heine- 53
– Helga 47259 Rosenberg- 16
– Ingrid 47057 Heine- 53
– Jörg 47057 Finken- 19
– Karl 47259 Spicker- 50
– Margarete 47249 Füssener- 11
– Margitta 47259 Spicker- 50
– Michael 47259 Heinrich-Bierwes- 46
– Nicole 47259 Heinrich-Bierwes- 46
– Petra 47055 Düsseldorfer- 522
– Susanne 47259 Rosenberg- 16
Ohters Rudolf 47051 Anger- 8
Oidtmann Ottilie
47198 Rheinpreußen- 43
Oimann Helga 47055 Buchholz- 60
– Hermann 47055 Buchholz- 60
– Katharina 47169 Lothringer- 9
– Ursula 47249 Molberg- 42
Ojiaku Christiana
47057 Gneisenau- 101
– John 47057 Gneisenau- 101
Ojikutu Dafe
47057 Sternbuschweg 156
Ojstersek Christine
47228 Winkelhauser- 147
Ok Ali 47239 Hubertus- 20
– Aynur 47239 Hubertus- 20
– Besime 47259 An der Batterie 8
– Erkan 47239 Hubertus- 20
– Fatma 47259 An der Batterie 8
– Hatice 47229 Straßburger- 10
– Halit 47239 Straßburger- 17
– Kerim 47229 Straßburger- 17
– Kiymet 47259 An der Batterie 8
– Mehmet 47239 Hubertus- 20
– Mikdat 47259 Straßburger- 9
– Murad 47259 Wörth- 57
– Mustafa 47259 An der Batterie 8
– Mustafa 47055 Eschen- 107
– Mustafa 47055 Ringstraße- 105
– Necati 47228 Martha- 16
– Necmiye 47139 Karolinger- 28
– Ramazan 47139 An der Batterie 8
– Raziye 47259 An der Batterie 8
– Yakup 47139 Am Beeckbach 21
– Yasemin 47139 Am Beeckbach 21
Okada Shoko 47269 Altenbrucher Damm 125
Gewerbebetriebe/Dienstleister nach Namen – siehe gelber Teil	A-DI
